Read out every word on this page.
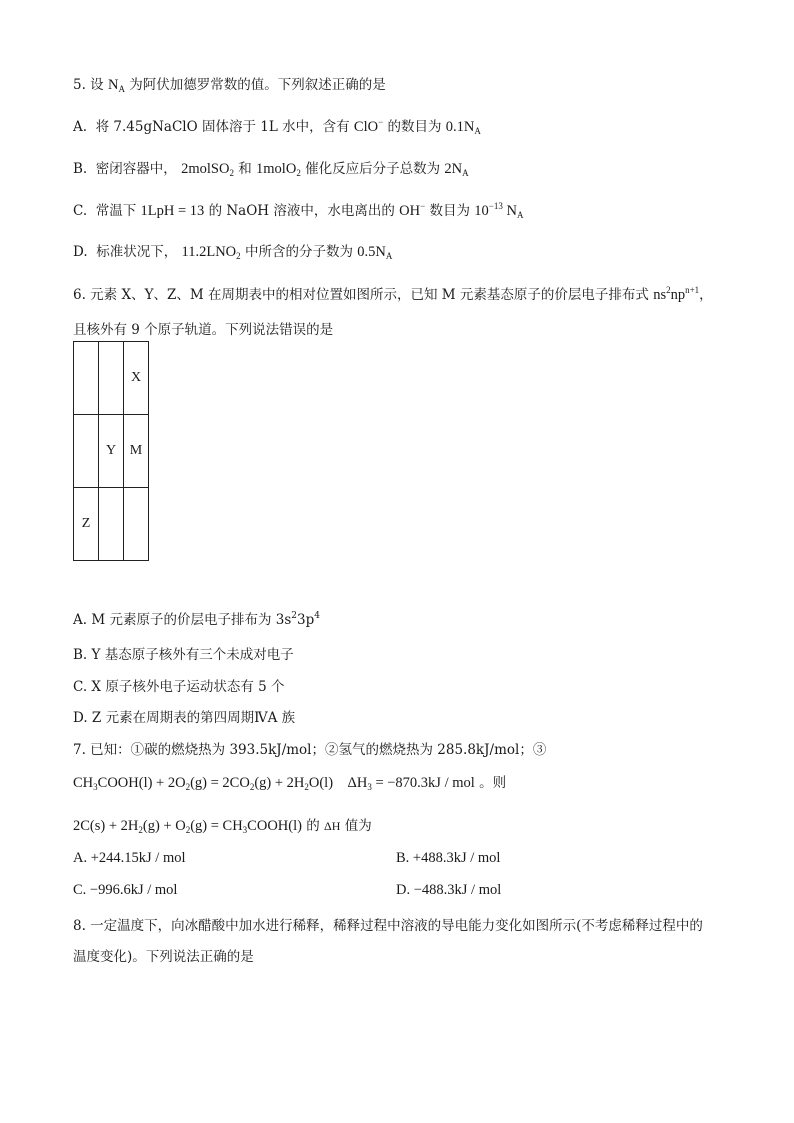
5. 设 $N_A$ 为阿伏加德罗常数的值。下列叙述正确的是
A.  将 7.45gNaClO 固体溶于 1L 水中，含有 ClO− 的数目为 $0.1N_A$
B.  密闭容器中， 2molSO$_2$ 和 1molO$_2$ 催化反应后分子总数为 $2N_A$
C.  常温下 1LpH = 13 的 NaOH 溶液中，水电离出的 OH− 数目为 $10^{-13}$ $N_A$
D.  标准状况下， $11.2LNO_2$ 中所含的分子数为 $0.5N_A$
6. 元素 X、Y、Z、M 在周期表中的相对位置如图所示，已知 M 元素基态原子的价层电子排布式 $ns^2np^{n+1}$，
且核外有 9 个原子轨道。下列说法错误的是
		X
	Y	M
Z		
A. M 元素原子的价层电子排布为 $3s^23p^4$
B. Y 基态原子核外有三个未成对电子
C. X 原子核外电子运动状态有 5 个
D. Z 元素在周期表的第四周期ⅣA 族
7. 已知：①碳的燃烧热为 393.5kJ/mol；②氢气的燃烧热为 285.8kJ/mol；③
$CH_3COOH(l) + 2O_2(g) = 2CO_2(g) + 2H_2O(l)$    $\Delta H_3 = -870.3kJ$ / mol 。则
$2C(s) + 2H_2(g) + O_2(g)$ = $CH_3COOH(l)$ 的 ΔH 值为
A. +244.15kJ / mol	B. +488.3kJ / mol
C. −996.6kJ / mol	D. −488.3kJ / mol
8. 一定温度下，向冰醋酸中加水进行稀释，稀释过程中溶液的导电能力变化如图所示(不考虑稀释过程中的
温度变化)。下列说法正确的是
